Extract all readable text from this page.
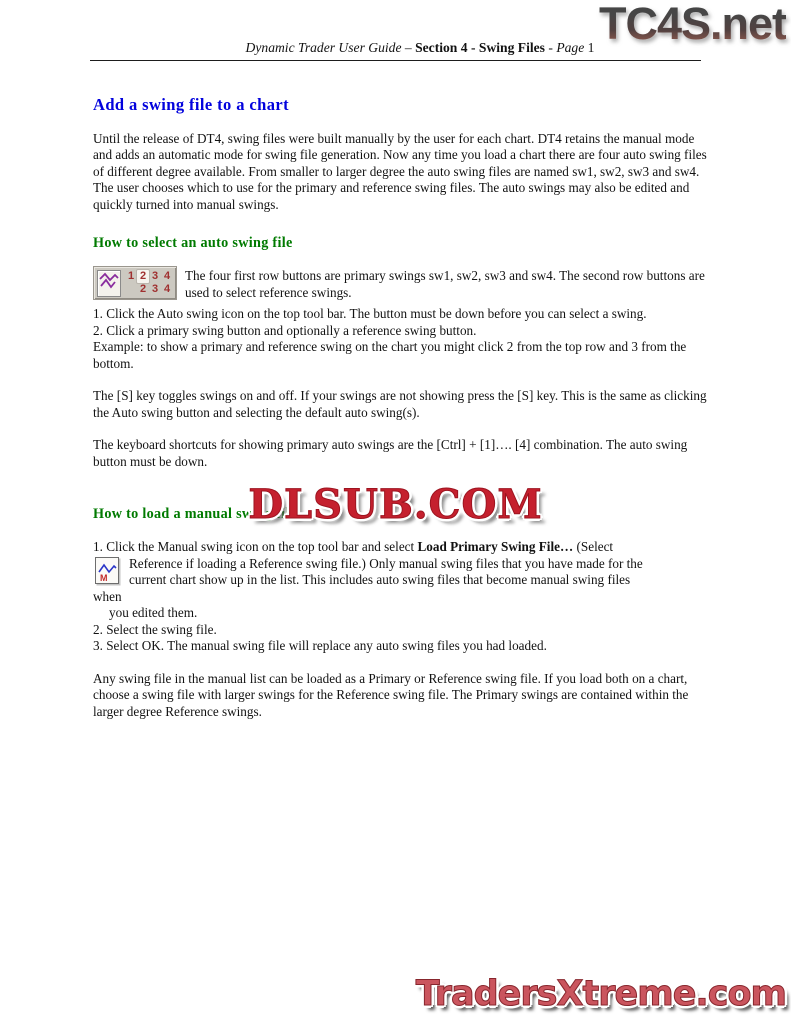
TC4S.net
Dynamic Trader User Guide – Section 4 - Swing Files - Page 1
Add a swing file to a chart

Until the release of DT4, swing files were built manually by the user for each chart. DT4 retains the manual mode and adds an automatic mode for swing file generation. Now any time you load a chart there are four auto swing files of different degree available. From smaller to larger degree the auto swing files are named sw1, sw2, sw3 and sw4. The user chooses which to use for the primary and reference swing files. The auto swings may also be edited and quickly turned into manual swings.

How to select an auto swing file
1 2 3 4
2 3 4
The four first row buttons are primary swings sw1, sw2, sw3 and sw4. The second row buttons are used to select reference swings.
1. Click the Auto swing icon on the top tool bar. The button must be down before you can select a swing.
2. Click a primary swing button and optionally a reference swing button.
Example: to show a primary and reference swing on the chart you might click 2 from the top row and 3 from the bottom.

The [S] key toggles swings on and off. If your swings are not showing press the [S] key. This is the same as clicking the Auto swing button and selecting the default auto swing(s).

The keyboard shortcuts for showing primary auto swings are the [Ctrl] + [1]…. [4] combination. The auto swing button must be down.

How to load a manual swing file
M
1. Click the Manual swing icon on the top tool bar and select Load Primary Swing File… (Select
Reference if loading a Reference swing file.) Only manual swing files that you have made for the
current chart show up in the list. This includes auto swing files that become manual swing files
when
you edited them.
2. Select the swing file.
3. Select OK. The manual swing file will replace any auto swing files you had loaded.

Any swing file in the manual list can be loaded as a Primary or Reference swing file. If you load both on a chart, choose a swing file with larger swings for the Reference swing file. The Primary swings are contained within the larger degree Reference swings.

DLSUB.COM
TradersXtreme.com
